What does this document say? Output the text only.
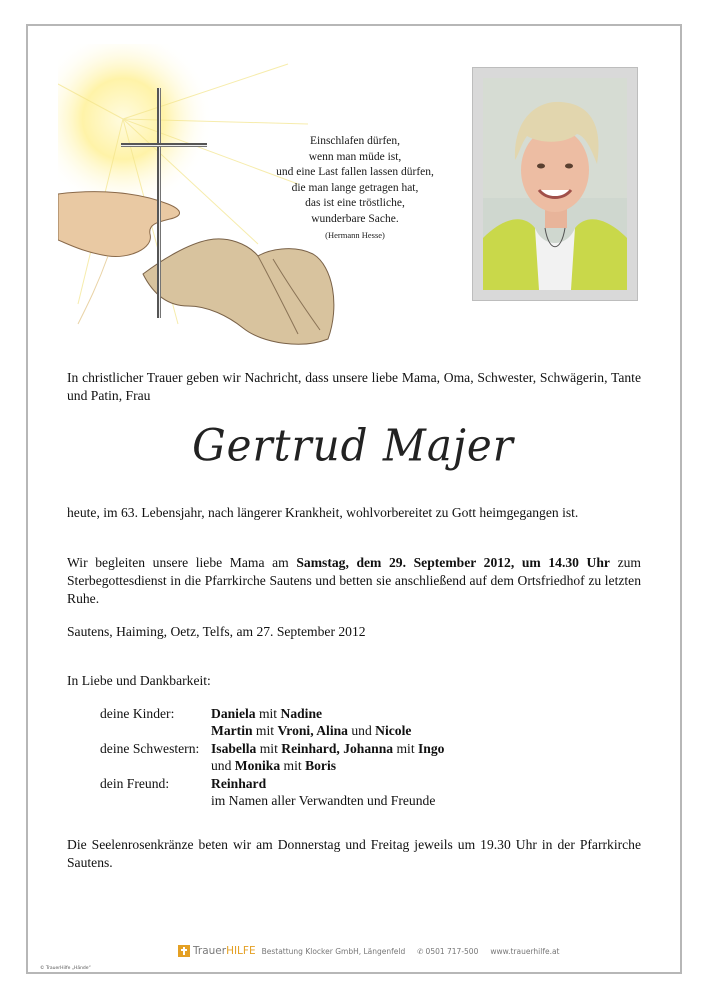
Einschlafen dürfen,
wenn man müde ist,
und eine Last fallen lassen dürfen,
die man lange getragen hat,
das ist eine tröstliche,
wunderbare Sache.
(Hermann Hesse)
In christlicher Trauer geben wir Nachricht, dass unsere liebe Mama, Oma, Schwester, Schwägerin, Tante und Patin, Frau
Gertrud Majer
heute, im 63. Lebensjahr, nach längerer Krankheit, wohlvorbereitet zu Gott heimgegangen ist.
Wir begleiten unsere liebe Mama am Samstag, dem 29. September 2012, um 14.30 Uhr zum Sterbegottesdienst in die Pfarrkirche Sautens und betten sie anschließend auf dem Ortsfriedhof zu letzten Ruhe.
Sautens, Haiming, Oetz, Telfs, am 27. September 2012
In Liebe und Dankbarkeit:
deine Kinder:	Daniela mit Nadine
Martin mit Vroni, Alina und Nicole
deine Schwestern: Isabella mit Reinhard, Johanna mit Ingo
und Monika mit Boris
dein Freund:	Reinhard
im Namen aller Verwandten und Freunde
Die Seelenrosenkränze beten wir am Donnerstag und Freitag jeweils um 19.30 Uhr in der Pfarrkirche Sautens.
TrauerHILFE Bestattung Klocker GmbH, Längenfeld ✆ 0501 717-500 www.trauerhilfe.at
© TrauerHilfe „Hände“
